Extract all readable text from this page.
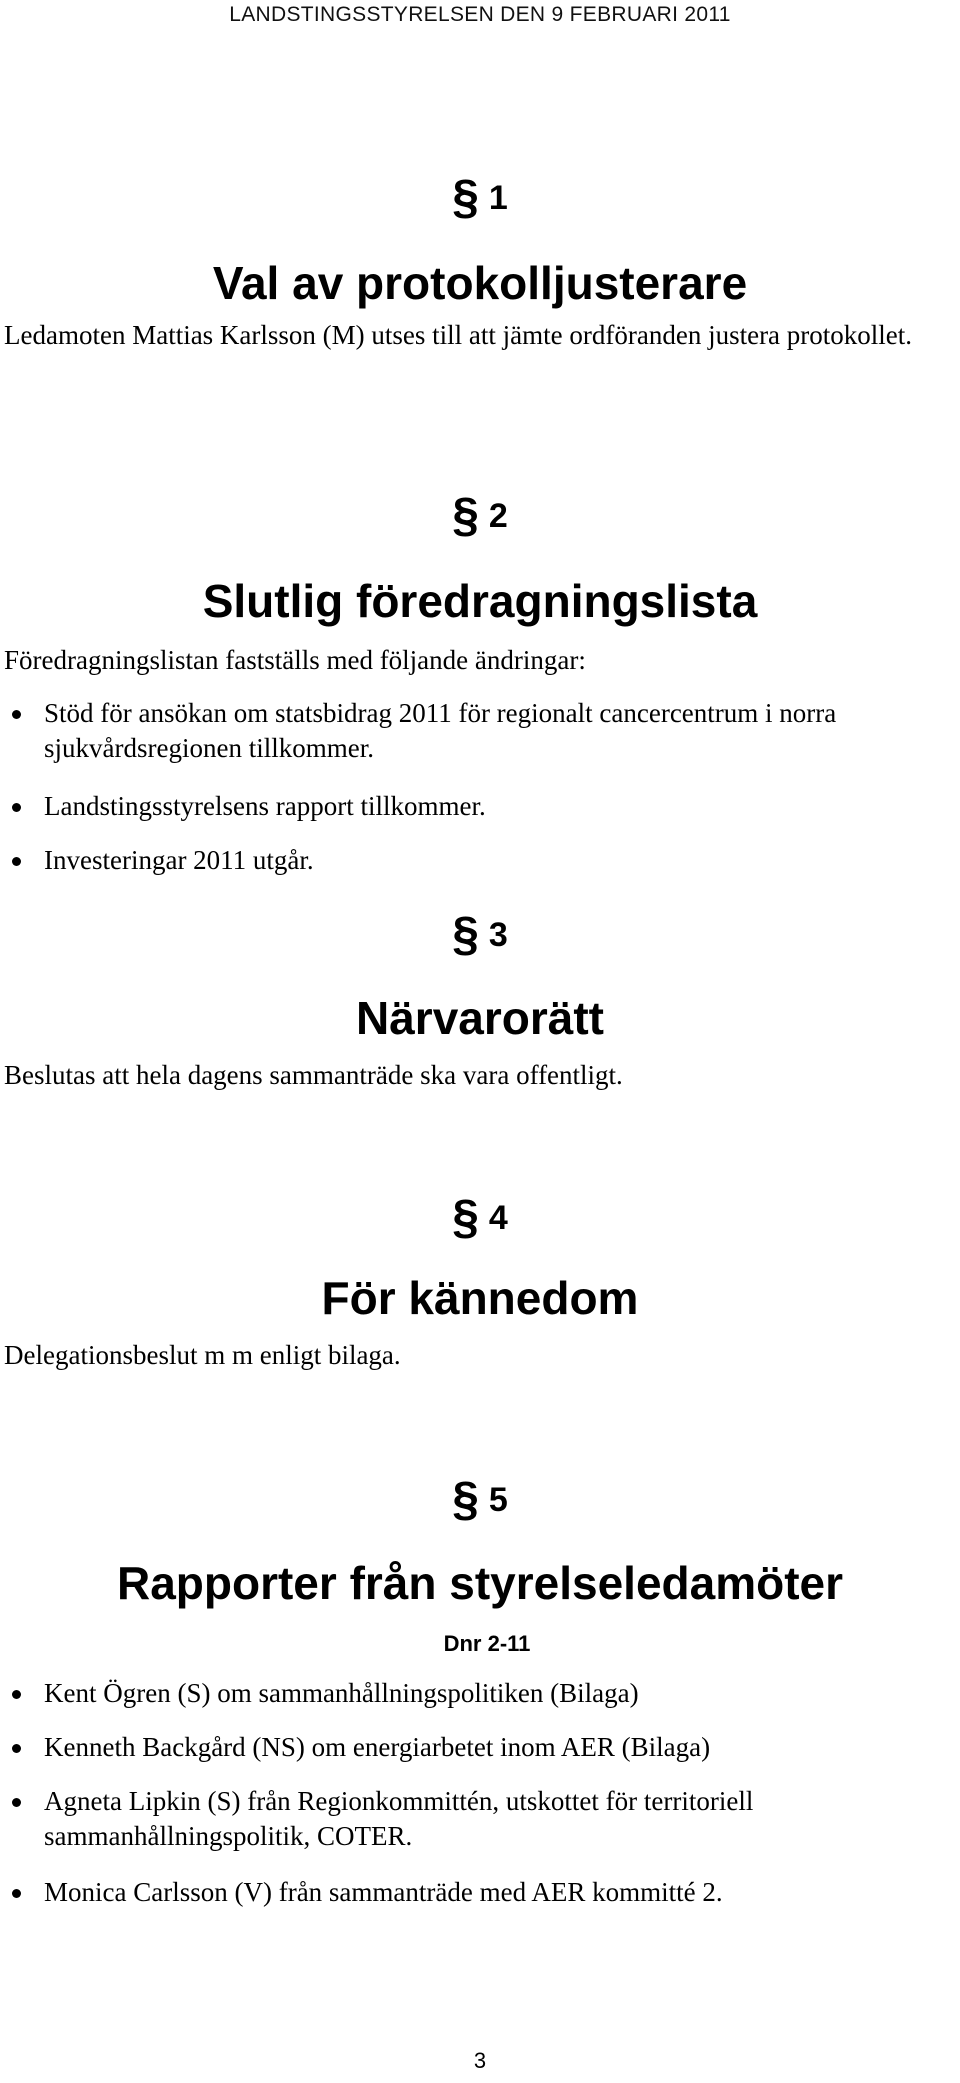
LANDSTINGSSTYRELSEN DEN 9 FEBRUARI 2011
§ 1
Val av protokolljusterare
Ledamoten Mattias Karlsson (M) utses till att jämte ordföranden justera protokollet.
§ 2
Slutlig föredragningslista
Föredragningslistan fastställs med följande ändringar:
Stöd för ansökan om statsbidrag 2011 för regionalt cancercentrum i norra sjukvårdsregionen tillkommer.
Landstingsstyrelsens rapport tillkommer.
Investeringar 2011 utgår.
§ 3
Närvarorätt
Beslutas att hela dagens sammanträde ska vara offentligt.
§ 4
För kännedom
Delegationsbeslut m m enligt bilaga.
§ 5
Rapporter från styrelseledamöter
Dnr 2-11
Kent Ögren (S) om sammanhållningspolitiken (Bilaga)
Kenneth Backgård (NS) om energiarbetet inom AER (Bilaga)
Agneta Lipkin (S) från Regionkommittén, utskottet för territoriell sammanhållningspolitik, COTER.
Monica Carlsson (V) från sammanträde med AER kommitté 2.
3
